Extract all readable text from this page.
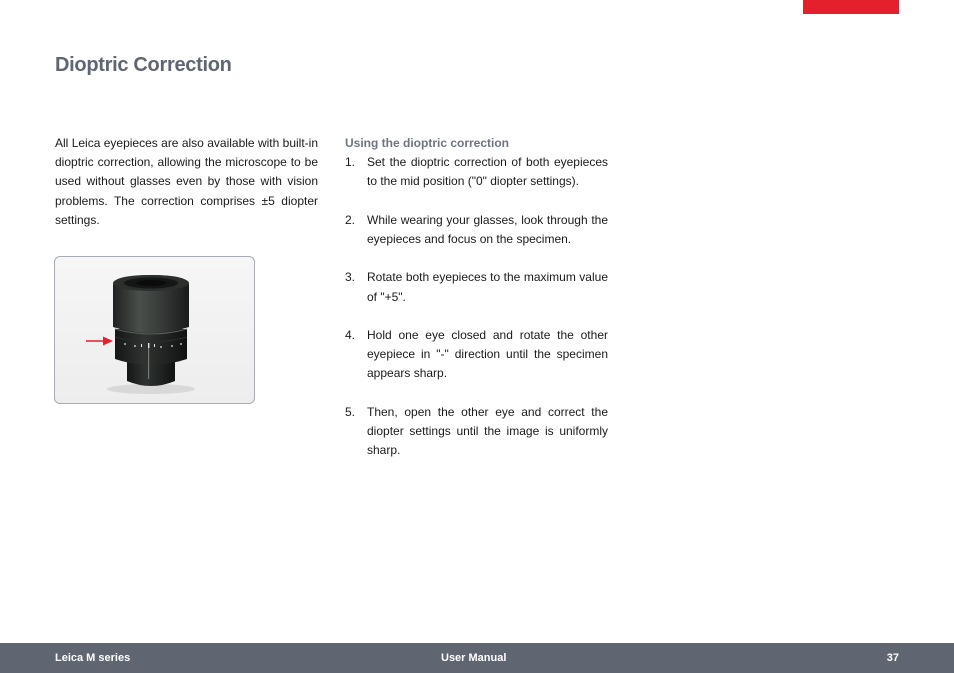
Dioptric Correction

All Leica eyepieces are also available with built-in dioptric correction, allowing the microscope to be used without glasses even by those with vision problems. The correction comprises ±5 diopter settings.

Using the dioptric correction
1. Set the dioptric correction of both eyepieces to the mid position ("0" diopter settings).
2. While wearing your glasses, look through the eyepieces and focus on the specimen.
3. Rotate both eyepieces to the maximum value of "+5".
4. Hold one eye closed and rotate the other eyepiece in "-" direction until the specimen appears sharp.
5. Then, open the other eye and correct the diopter settings until the image is uniformly sharp.
Leica M series	User Manual	37
